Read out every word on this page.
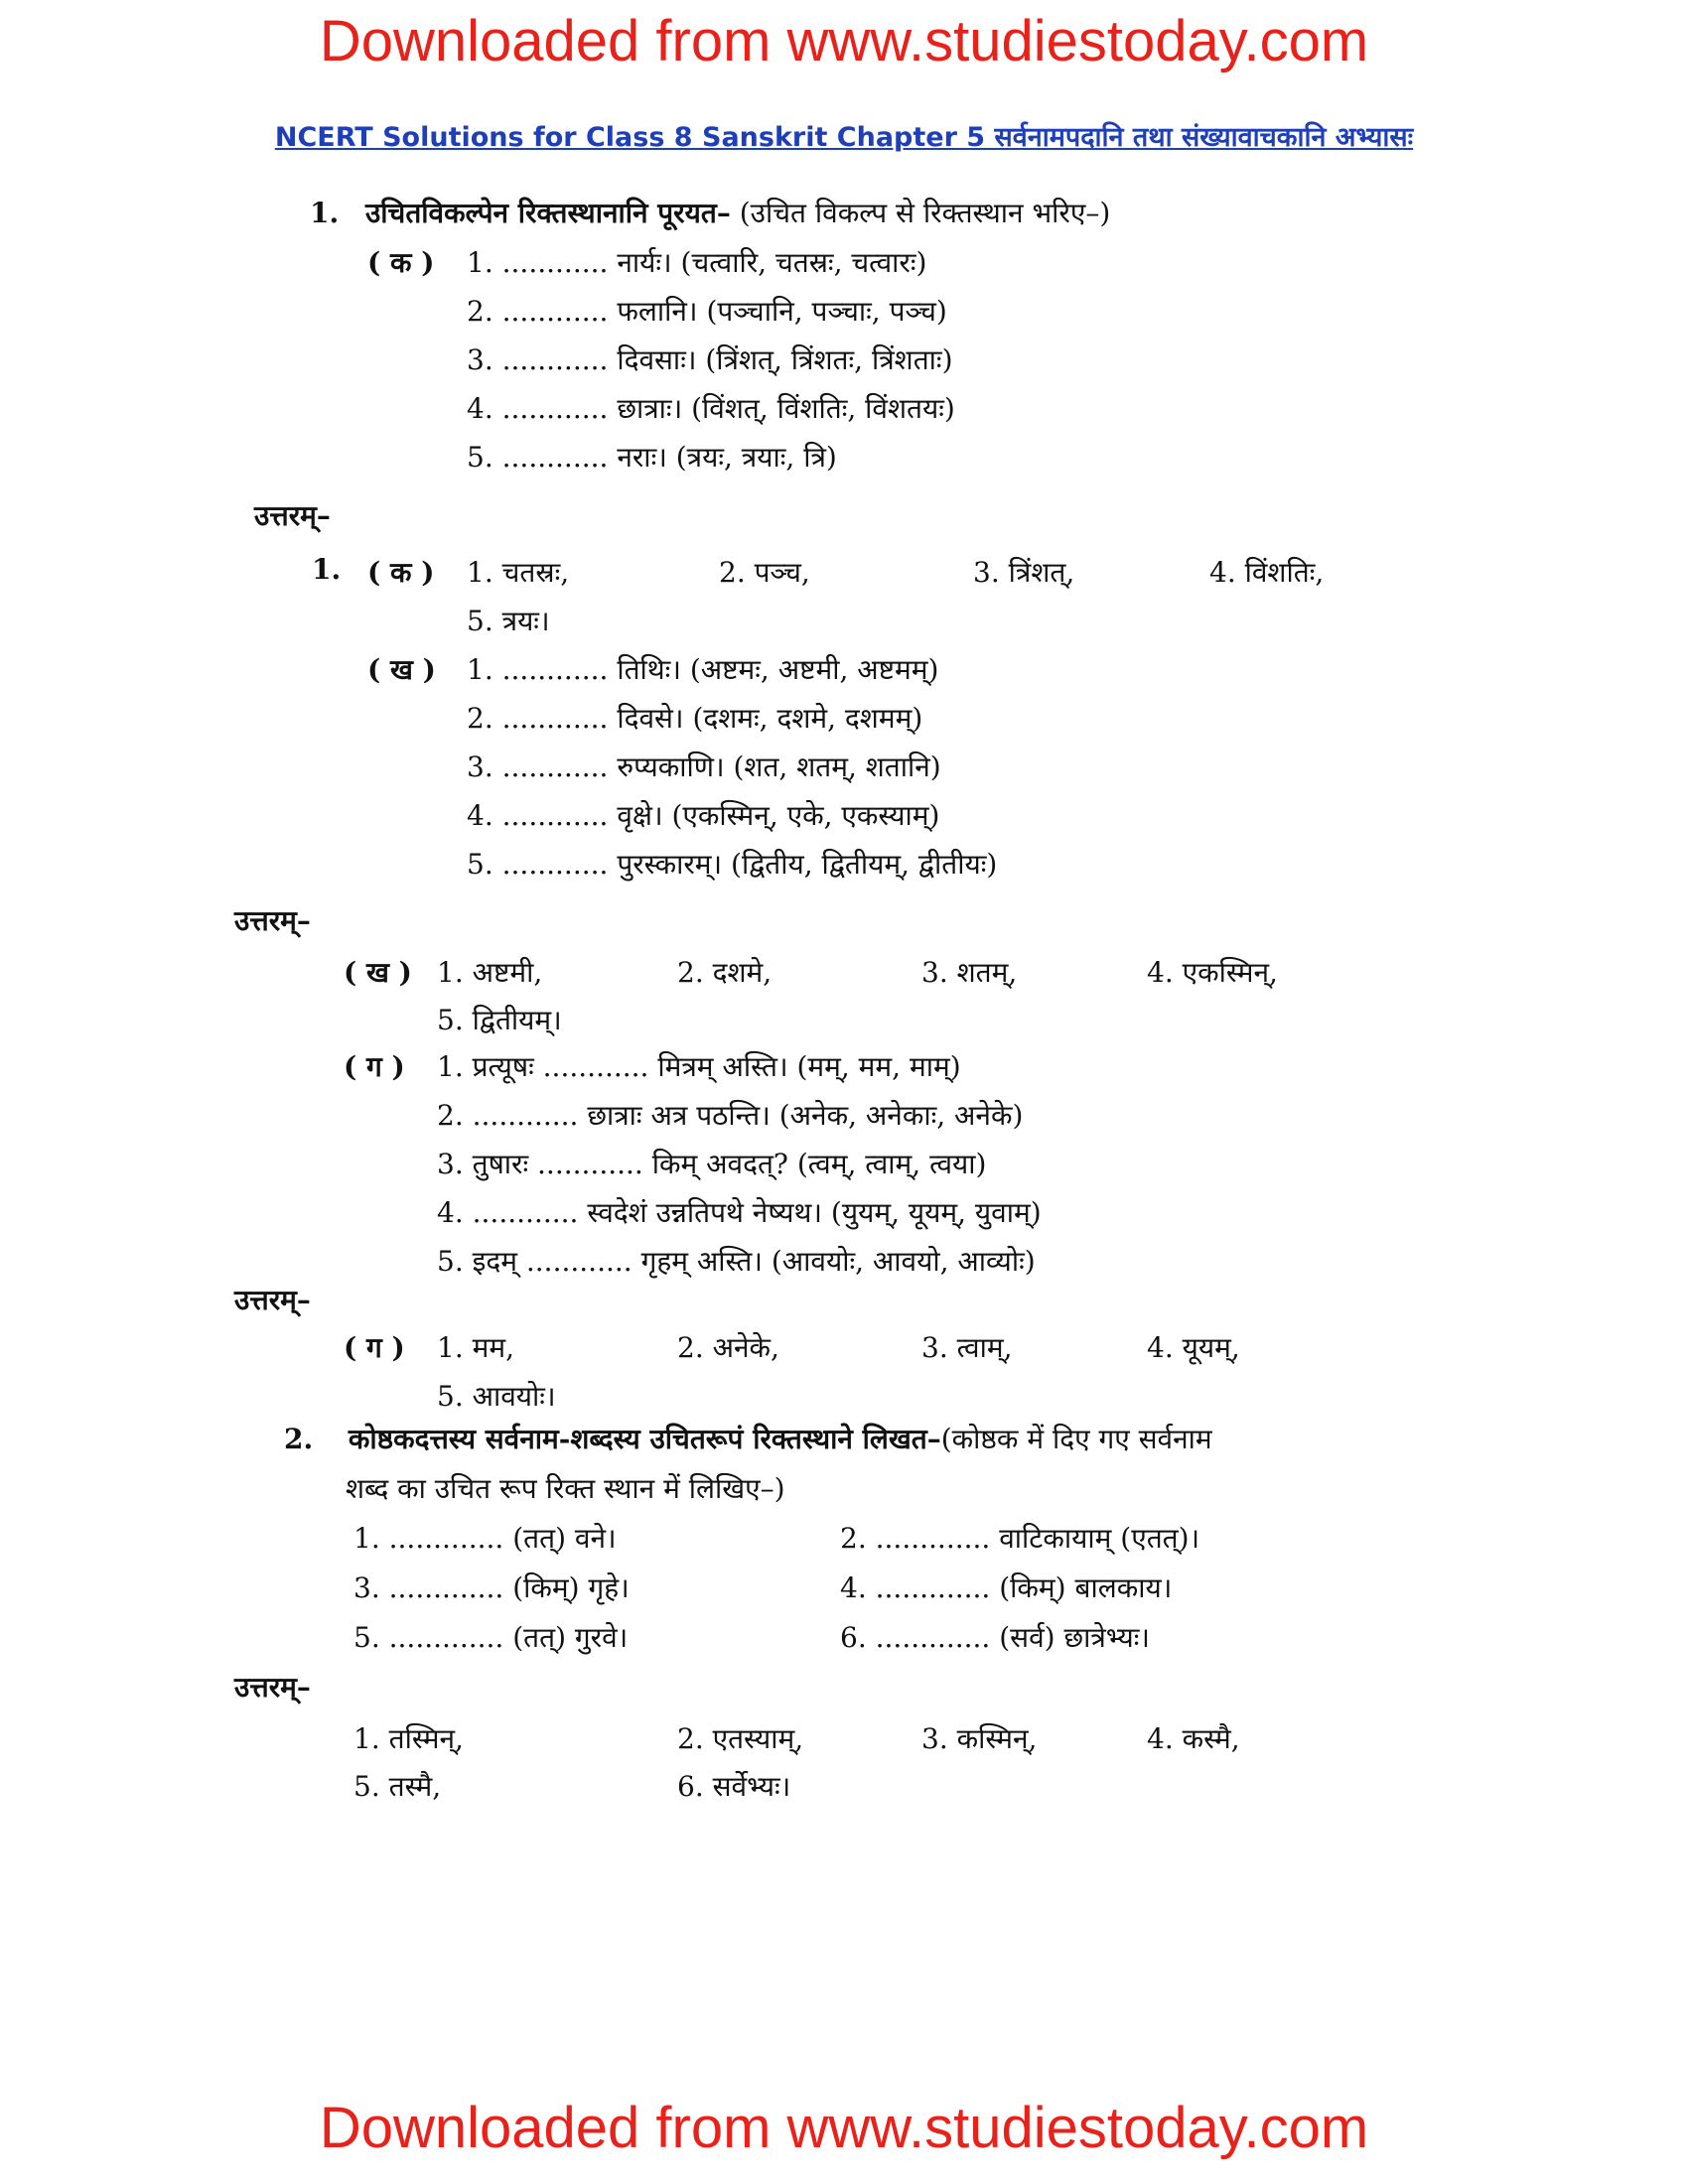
Downloaded from www.studiestoday.com
NCERT Solutions for Class 8 Sanskrit Chapter 5 सर्वनामपदानि तथा संख्यावाचकानि अभ्यासः
1. उचितविकल्पेन रिक्तस्थानानि पूरयत– (उचित विकल्प से रिक्तस्थान भरिए–)
( क ) 1. ............ नार्यः। (चत्वारि, चतस्रः, चत्वारः)
2. ............ फलानि। (पञ्चानि, पञ्चाः, पञ्च)
3. ............ दिवसाः। (त्रिंशत्, त्रिंशतः, त्रिंशताः)
4. ............ छात्राः। (विंशत्, विंशतिः, विंशतयः)
5. ............ नराः। (त्रयः, त्रयाः, त्रि)
उत्तरम्–
1. ( क ) 1. चतस्रः,	2. पञ्च,	3. त्रिंशत्,	4. विंशतिः,
5. त्रयः।
( ख ) 1. ............ तिथिः। (अष्टमः, अष्टमी, अष्टमम्)
2. ............ दिवसे। (दशमः, दशमे, दशमम्)
3. ............ रुप्यकाणि। (शत, शतम्, शतानि)
4. ............ वृक्षे। (एकस्मिन्, एके, एकस्याम्)
5. ............ पुरस्कारम्। (द्वितीय, द्वितीयम्, द्वीतीयः)
उत्तरम्–
( ख ) 1. अष्टमी,	2. दशमे,	3. शतम्,	4. एकस्मिन्,
5. द्वितीयम्।
( ग ) 1. प्रत्यूषः ............ मित्रम् अस्ति। (मम्, मम, माम्)
2. ............ छात्राः अत्र पठन्ति। (अनेक, अनेकाः, अनेके)
3. तुषारः ............ किम् अवदत्? (त्वम्, त्वाम्, त्वया)
4. ............ स्वदेशं उन्नतिपथे नेष्यथ। (युयम्, यूयम्, युवाम्)
5. इदम् ............ गृहम् अस्ति। (आवयोः, आवयो, आव्योः)
उत्तरम्–
( ग ) 1. मम,	2. अनेके,	3. त्वाम्,	4. यूयम्,
5. आवयोः।
2. कोष्ठकदत्तस्य सर्वनाम-शब्दस्य उचितरूपं रिक्तस्थाने लिखत–(कोष्ठक में दिए गए सर्वनाम
शब्द का उचित रूप रिक्त स्थान में लिखिए–)
1. ............. (तत्) वने।	2. ............. वाटिकायाम् (एतत्)।
3. ............. (किम्) गृहे।	4. ............. (किम्) बालकाय।
5. ............. (तत्) गुरवे।	6. ............. (सर्व) छात्रेभ्यः।
उत्तरम्–
1. तस्मिन्,	2. एतस्याम्,	3. कस्मिन्,	4. कस्मै,
5. तस्मै,	6. सर्वेभ्यः।
Downloaded from www.studiestoday.com
